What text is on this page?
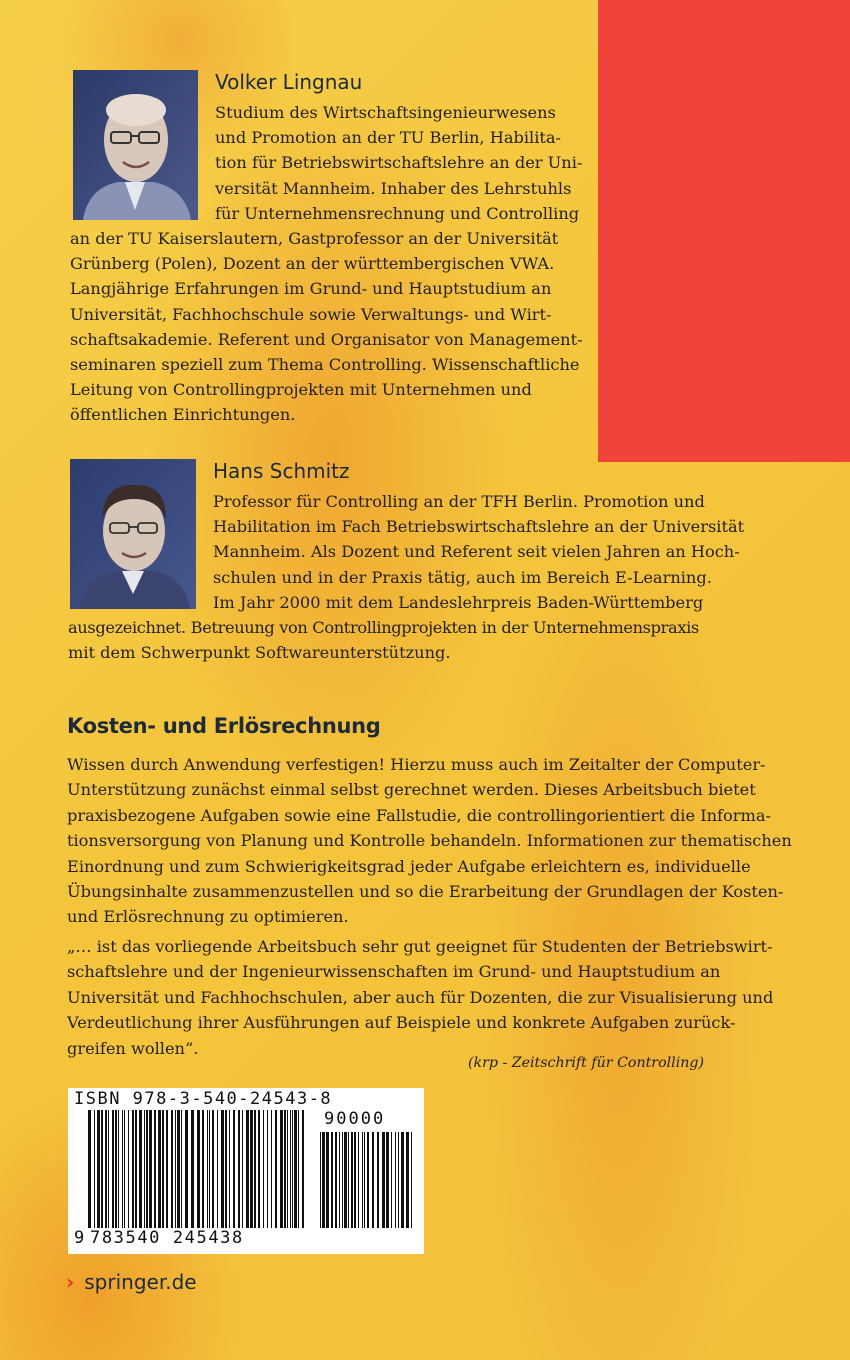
Volker Lingnau
Studium des Wirtschaftsingenieurwesens
und Promotion an der TU Berlin, Habilita-
tion für Betriebswirtschaftslehre an der Uni-
versität Mannheim. Inhaber des Lehrstuhls
für Unternehmensrechnung und Controlling
an der TU Kaiserslautern, Gastprofessor an der Universität
Grünberg (Polen), Dozent an der württembergischen VWA.
Langjährige Erfahrungen im Grund- und Hauptstudium an
Universität, Fachhochschule sowie Verwaltungs- und Wirt-
schaftsakademie. Referent und Organisator von Management-
seminaren speziell zum Thema Controlling. Wissenschaftliche
Leitung von Controllingprojekten mit Unternehmen und
öffentlichen Einrichtungen.
Hans Schmitz
Professor für Controlling an der TFH Berlin. Promotion und
Habilitation im Fach Betriebswirtschaftslehre an der Universität
Mannheim. Als Dozent und Referent seit vielen Jahren an Hoch-
schulen und in der Praxis tätig, auch im Bereich E-Learning.
Im Jahr 2000 mit dem Landeslehrpreis Baden-Württemberg
ausgezeichnet. Betreuung von Controllingprojekten in der Unternehmenspraxis
mit dem Schwerpunkt Softwareunterstützung.
Kosten- und Erlösrechnung
Wissen durch Anwendung verfestigen! Hierzu muss auch im Zeitalter der Computer-
Unterstützung zunächst einmal selbst gerechnet werden. Dieses Arbeitsbuch bietet
praxisbezogene Aufgaben sowie eine Fallstudie, die controllingorientiert die Informa-
tionsversorgung von Planung und Kontrolle behandeln. Informationen zur thematischen
Einordnung und zum Schwierigkeitsgrad jeder Aufgabe erleichtern es, individuelle
Übungsinhalte zusammenzustellen und so die Erarbeitung der Grundlagen der Kosten-
und Erlösrechnung zu optimieren.
„… ist das vorliegende Arbeitsbuch sehr gut geeignet für Studenten der Betriebswirt-
schaftslehre und der Ingenieurwissenschaften im Grund- und Hauptstudium an
Universität und Fachhochschulen, aber auch für Dozenten, die zur Visualisierung und
Verdeutlichung ihrer Ausführungen auf Beispiele und konkrete Aufgaben zurück-
greifen wollen“.
(krp - Zeitschrift für Controlling)
ISBN 978-3-540-24543-8
90000
9 783540 245438
› springer.de
